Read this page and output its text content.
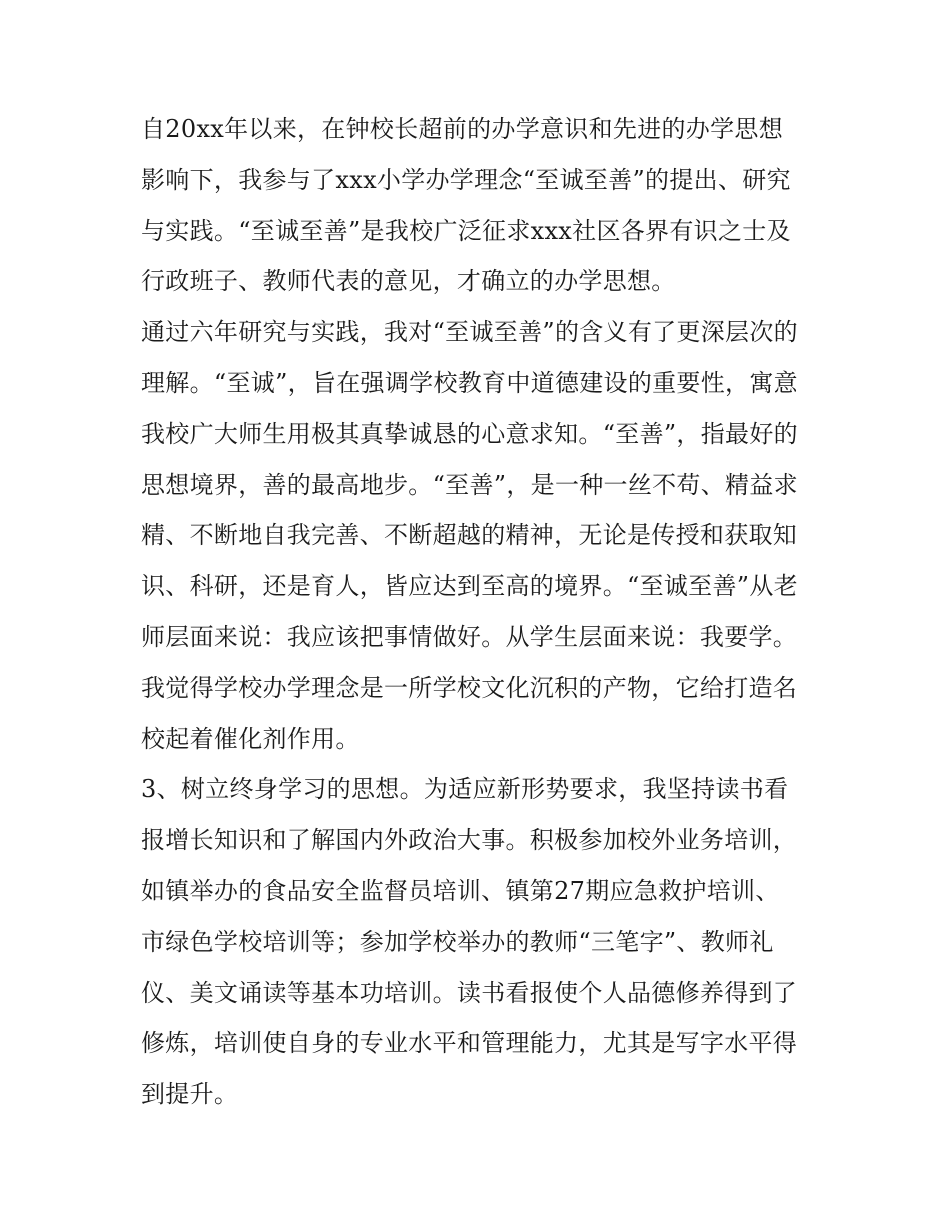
自20xx年以来，在钟校长超前的办学意识和先进的办学思想
影响下，我参与了xxx小学办学理念“至诚至善”的提出、研究
与实践。“至诚至善”是我校广泛征求xxx社区各界有识之士及
行政班子、教师代表的意见，才确立的办学思想。
通过六年研究与实践，我对“至诚至善”的含义有了更深层次的
理解。“至诚”，旨在强调学校教育中道德建设的重要性，寓意
我校广大师生用极其真挚诚恳的心意求知。“至善”，指最好的
思想境界，善的最高地步。“至善”，是一种一丝不苟、精益求
精、不断地自我完善、不断超越的精神，无论是传授和获取知
识、科研，还是育人，皆应达到至高的境界。“至诚至善”从老
师层面来说：我应该把事情做好。从学生层面来说：我要学。
我觉得学校办学理念是一所学校文化沉积的产物，它给打造名
校起着催化剂作用。
3、树立终身学习的思想。为适应新形势要求，我坚持读书看
报增长知识和了解国内外政治大事。积极参加校外业务培训，
如镇举办的食品安全监督员培训、镇第27期应急救护培训、
市绿色学校培训等；参加学校举办的教师“三笔字”、教师礼
仪、美文诵读等基本功培训。读书看报使个人品德修养得到了
修炼，培训使自身的专业水平和管理能力，尤其是写字水平得
到提升。
